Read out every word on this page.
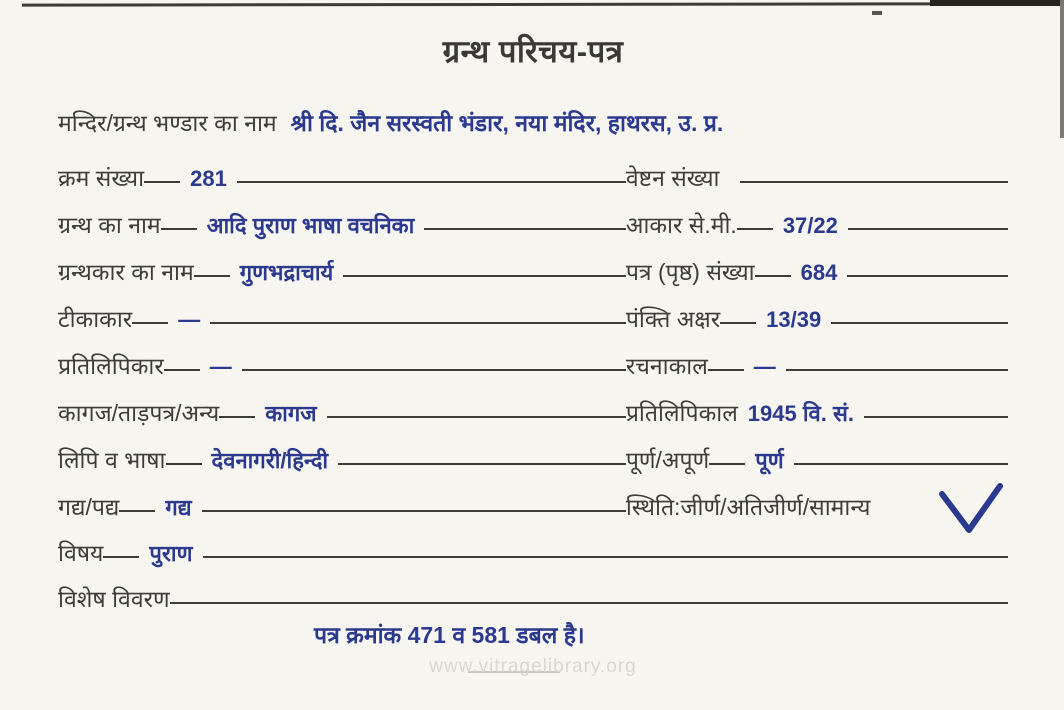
ग्रन्थ परिचय-पत्र
मन्दिर/ग्रन्थ भण्डार का नाम श्री दि. जैन सरस्वती भंडार, नया मंदिर, हाथरस, उ. प्र.
क्रम संख्या	281
ग्रन्थ का नाम	आदि पुराण भाषा वचनिका
ग्रन्थकार का नाम	गुणभद्राचार्य
टीकाकार	—
प्रतिलिपिकार	—
कागज/ताड़पत्र/अन्य	कागज
लिपि व भाषा	देवनागरी/हिन्दी
गद्य/पद्य	गद्य
वेष्टन संख्या
आकार से.मी.	37/22
पत्र (पृष्ठ) संख्या	684
पंक्ति अक्षर	13/39
रचनाकाल	—
प्रतिलिपिकाल 1945 वि. सं.
पूर्ण/अपूर्ण	पूर्ण
स्थिति:जीर्ण/अतिजीर्ण/सामान्य
विषय	पुराण
विशेष विवरण
पत्र क्रमांक 471 व 581 डबल है।
www.vitragelibrary.org
